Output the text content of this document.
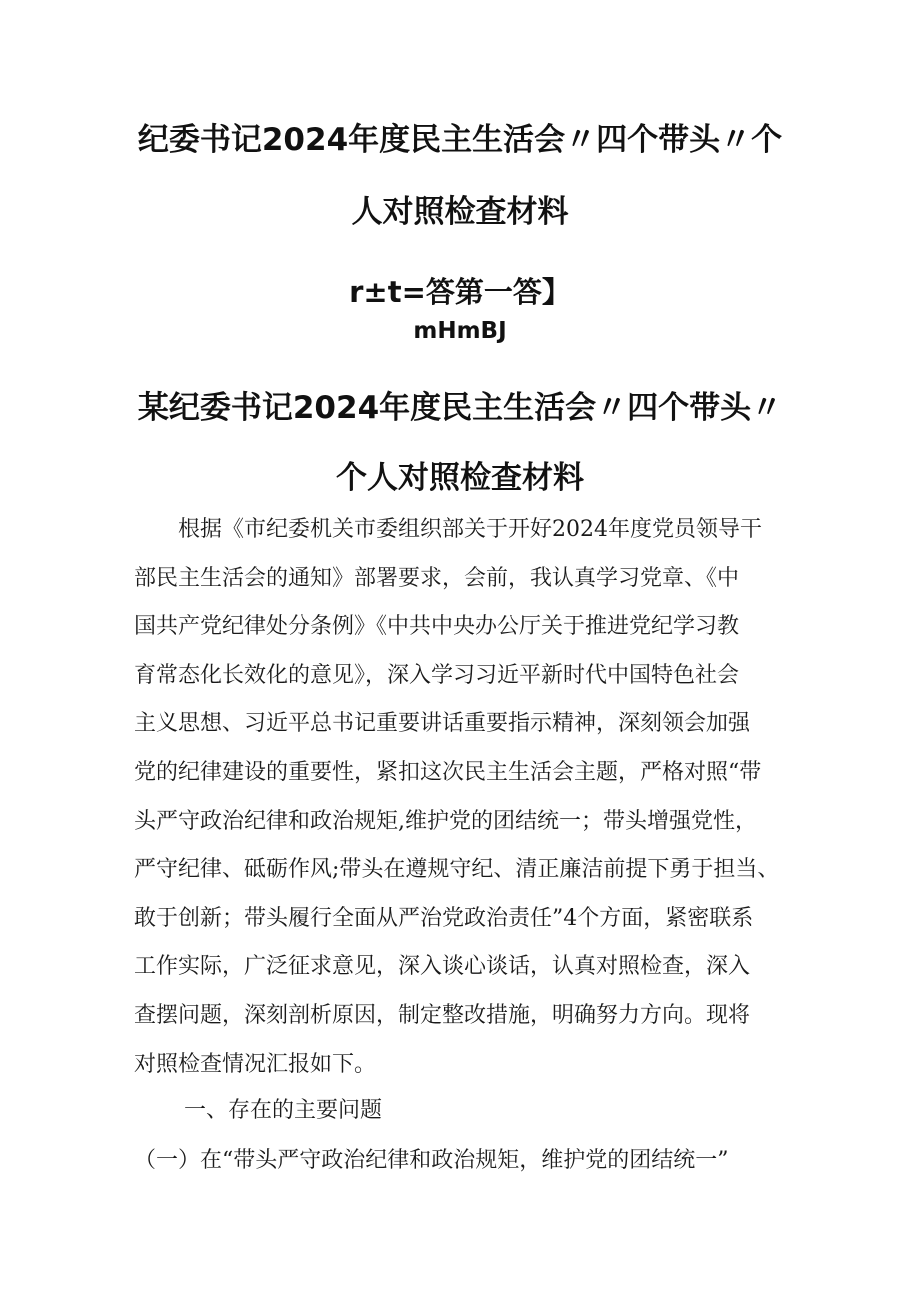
纪委书记2024年度民主生活会〃四个带头〃个
人对照检查材料
r±t=答第一答】
mHmBJ
某纪委书记2024年度民主生活会〃四个带头〃
个人对照检查材料
　　根据《市纪委机关市委组织部关于开好2024年度党员领导干
部民主生活会的通知》部署要求，会前，我认真学习党章、《中
国共产党纪律处分条例》《中共中央办公厅关于推进党纪学习教
育常态化长效化的意见》，深入学习习近平新时代中国特色社会
主义思想、习近平总书记重要讲话重要指示精神，深刻领会加强
党的纪律建设的重要性，紧扣这次民主生活会主题，严格对照“带
头严守政治纪律和政治规矩,维护党的团结统一；带头增强党性，
严守纪律、砥砺作风;带头在遵规守纪、清正廉洁前提下勇于担当、
敢于创新；带头履行全面从严治党政治责任”4个方面，紧密联系
工作实际，广泛征求意见，深入谈心谈话，认真对照检查，深入
查摆问题，深刻剖析原因，制定整改措施，明确努力方向。现将
对照检查情况汇报如下。
一、存在的主要问题
（一）在“带头严守政治纪律和政治规矩，维护党的团结统一”
